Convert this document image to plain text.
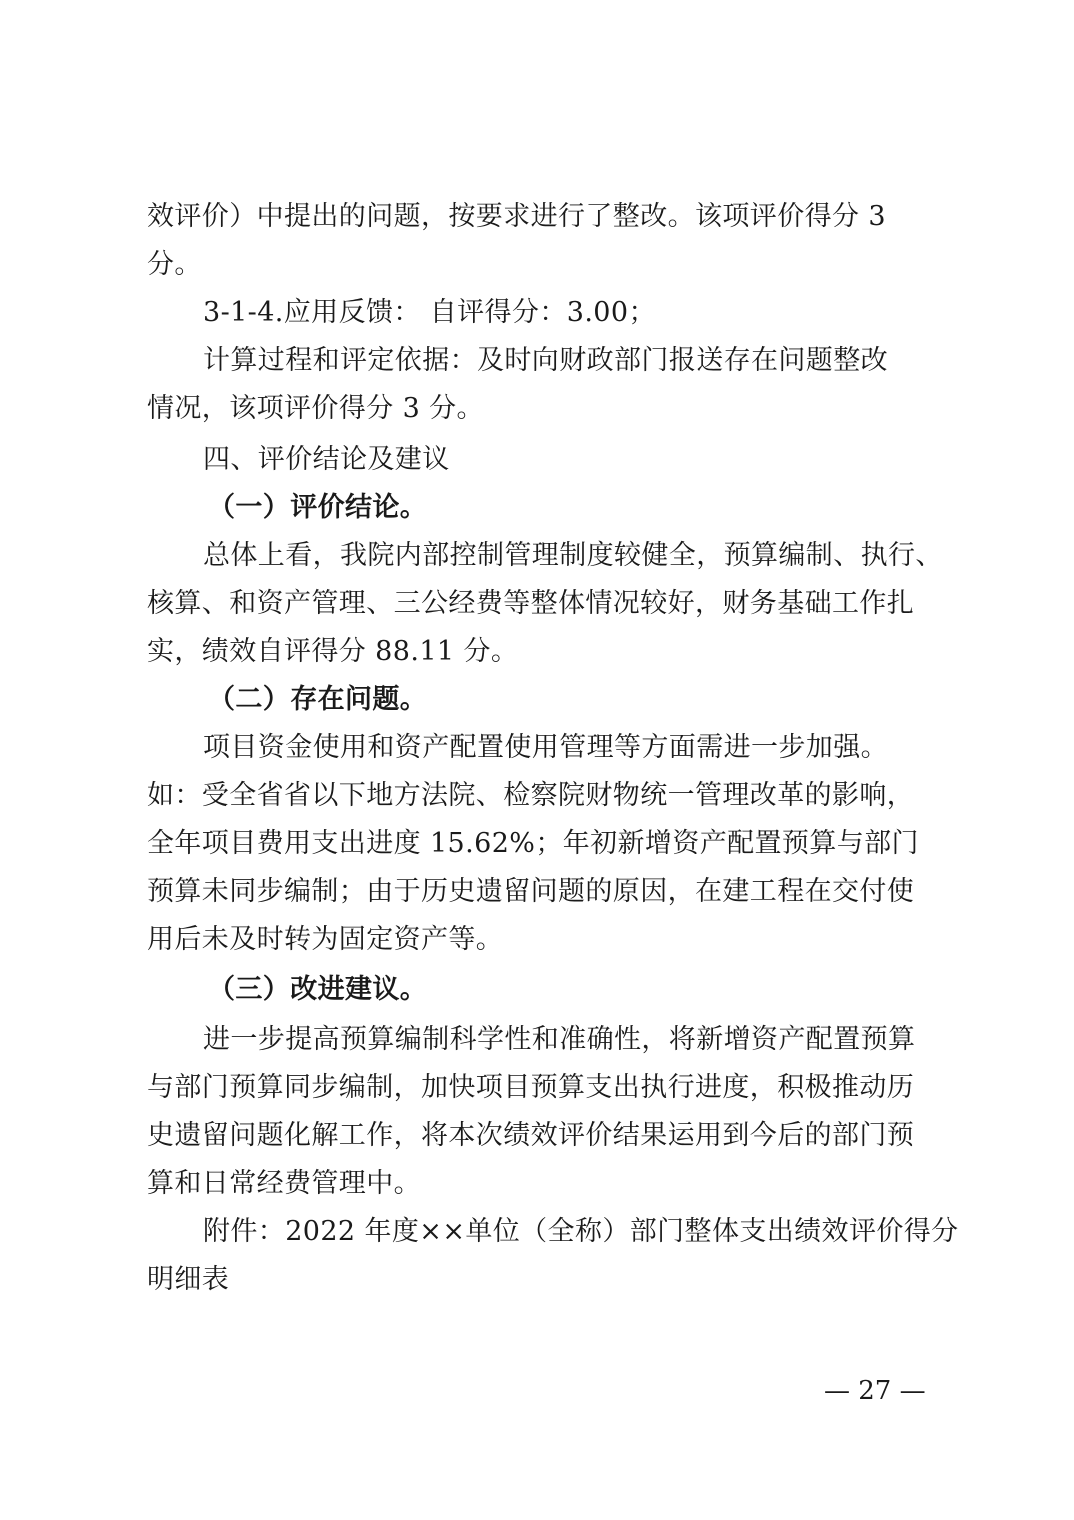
效评价）中提出的问题，按要求进行了整改。该项评价得分 3
分。
3-1-4.应用反馈： 自评得分：3.00；
计算过程和评定依据：及时向财政部门报送存在问题整改
情况，该项评价得分 3 分。
四、评价结论及建议
（一）评价结论。
总体上看，我院内部控制管理制度较健全，预算编制、执行、
核算、和资产管理、三公经费等整体情况较好，财务基础工作扎
实，绩效自评得分 88.11 分。
（二）存在问题。
项目资金使用和资产配置使用管理等方面需进一步加强。
如：受全省省以下地方法院、检察院财物统一管理改革的影响，
全年项目费用支出进度 15.62%；年初新增资产配置预算与部门
预算未同步编制；由于历史遗留问题的原因，在建工程在交付使
用后未及时转为固定资产等。
（三）改进建议。
进一步提高预算编制科学性和准确性，将新增资产配置预算
与部门预算同步编制，加快项目预算支出执行进度，积极推动历
史遗留问题化解工作，将本次绩效评价结果运用到今后的部门预
算和日常经费管理中。
附件：2022 年度××单位（全称）部门整体支出绩效评价得分
明细表
— 27 —
